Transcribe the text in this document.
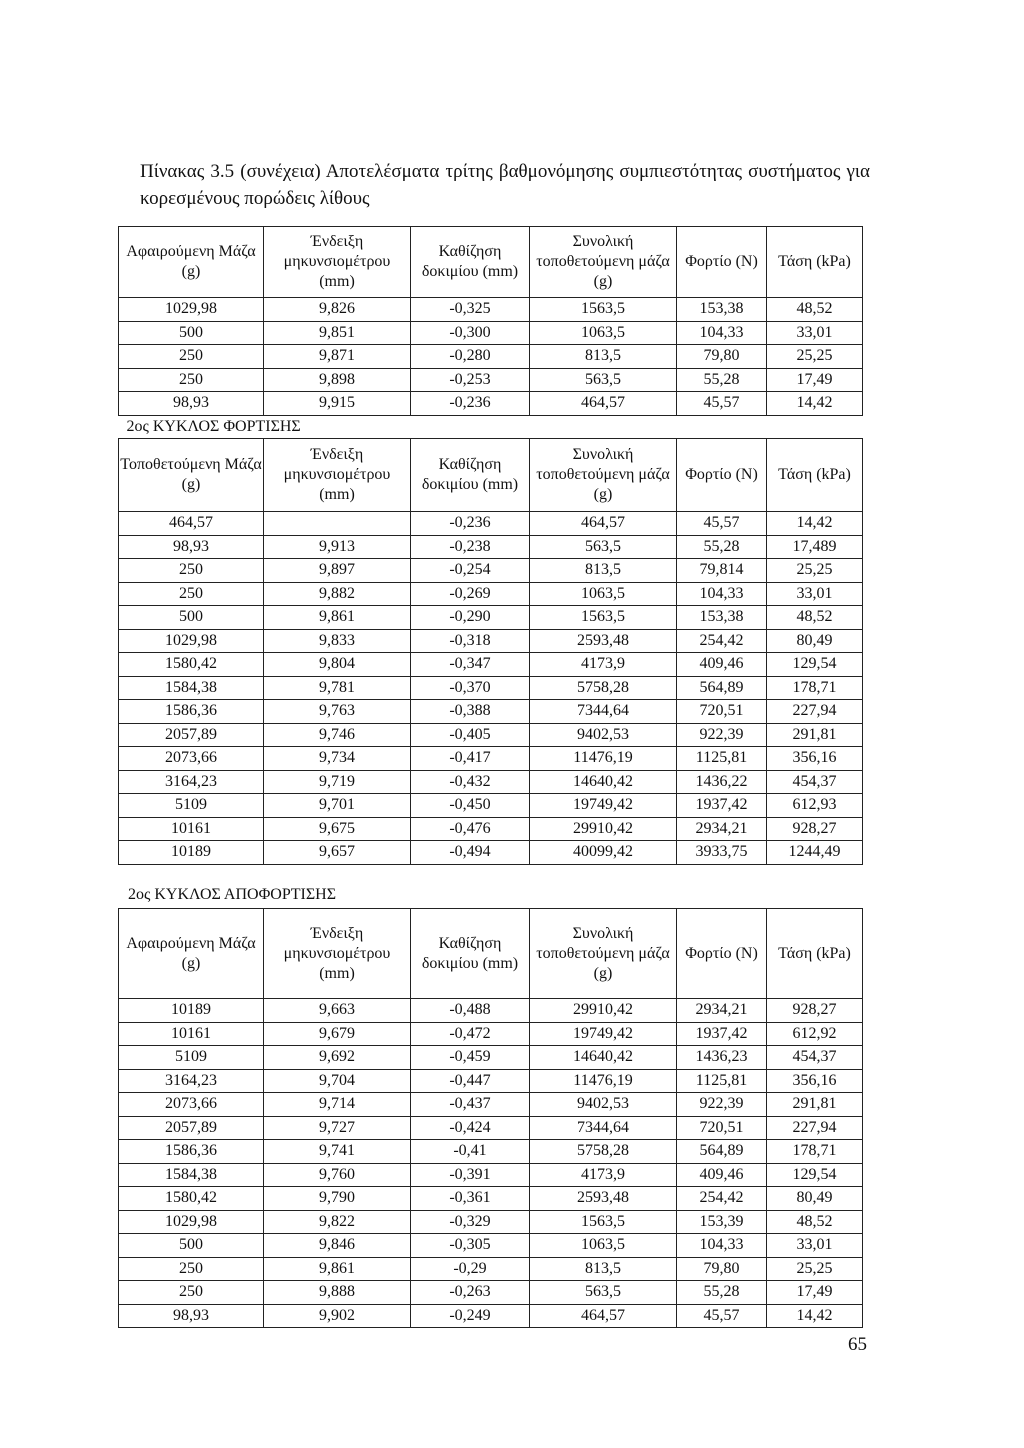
Πίνακας 3.5 (συνέχεια) Αποτελέσματα τρίτης βαθμονόμησης συμπιεστότητας συστήματος για κορεσμένους πορώδεις λίθους
Αφαιρούμενη Μάζα (g)	Ένδειξη μηκυνσιομέτρου (mm)	Καθίζηση δοκιμίου (mm)	Συνολική τοποθετούμενη μάζα (g)	Φορτίο (N)	Τάση (kPa)
1029,98	9,826	-0,325	1563,5	153,38	48,52
500	9,851	-0,300	1063,5	104,33	33,01
250	9,871	-0,280	813,5	79,80	25,25
250	9,898	-0,253	563,5	55,28	17,49
98,93	9,915	-0,236	464,57	45,57	14,42
2ος ΚΥΚΛΟΣ ΦΟΡΤΙΣΗΣ					
Τοποθετούμενη Μάζα (g)	Ένδειξη μηκυνσιομέτρου (mm)	Καθίζηση δοκιμίου (mm)	Συνολική τοποθετούμενη μάζα (g)	Φορτίο (N)	Τάση (kPa)
464,57		-0,236	464,57	45,57	14,42
98,93	9,913	-0,238	563,5	55,28	17,489
250	9,897	-0,254	813,5	79,814	25,25
250	9,882	-0,269	1063,5	104,33	33,01
500	9,861	-0,290	1563,5	153,38	48,52
1029,98	9,833	-0,318	2593,48	254,42	80,49
1580,42	9,804	-0,347	4173,9	409,46	129,54
1584,38	9,781	-0,370	5758,28	564,89	178,71
1586,36	9,763	-0,388	7344,64	720,51	227,94
2057,89	9,746	-0,405	9402,53	922,39	291,81
2073,66	9,734	-0,417	11476,19	1125,81	356,16
3164,23	9,719	-0,432	14640,42	1436,22	454,37
5109	9,701	-0,450	19749,42	1937,42	612,93
10161	9,675	-0,476	29910,42	2934,21	928,27
10189	9,657	-0,494	40099,42	3933,75	1244,49
2ος ΚΥΚΛΟΣ ΑΠΟΦΟΡΤΙΣΗΣ
Αφαιρούμενη Μάζα (g)	Ένδειξη μηκυνσιομέτρου (mm)	Καθίζηση δοκιμίου (mm)	Συνολική τοποθετούμενη μάζα (g)	Φορτίο (N)	Τάση (kPa)
10189	9,663	-0,488	29910,42	2934,21	928,27
10161	9,679	-0,472	19749,42	1937,42	612,92
5109	9,692	-0,459	14640,42	1436,23	454,37
3164,23	9,704	-0,447	11476,19	1125,81	356,16
2073,66	9,714	-0,437	9402,53	922,39	291,81
2057,89	9,727	-0,424	7344,64	720,51	227,94
1586,36	9,741	-0,41	5758,28	564,89	178,71
1584,38	9,760	-0,391	4173,9	409,46	129,54
1580,42	9,790	-0,361	2593,48	254,42	80,49
1029,98	9,822	-0,329	1563,5	153,39	48,52
500	9,846	-0,305	1063,5	104,33	33,01
250	9,861	-0,29	813,5	79,80	25,25
250	9,888	-0,263	563,5	55,28	17,49
98,93	9,902	-0,249	464,57	45,57	14,42
65
